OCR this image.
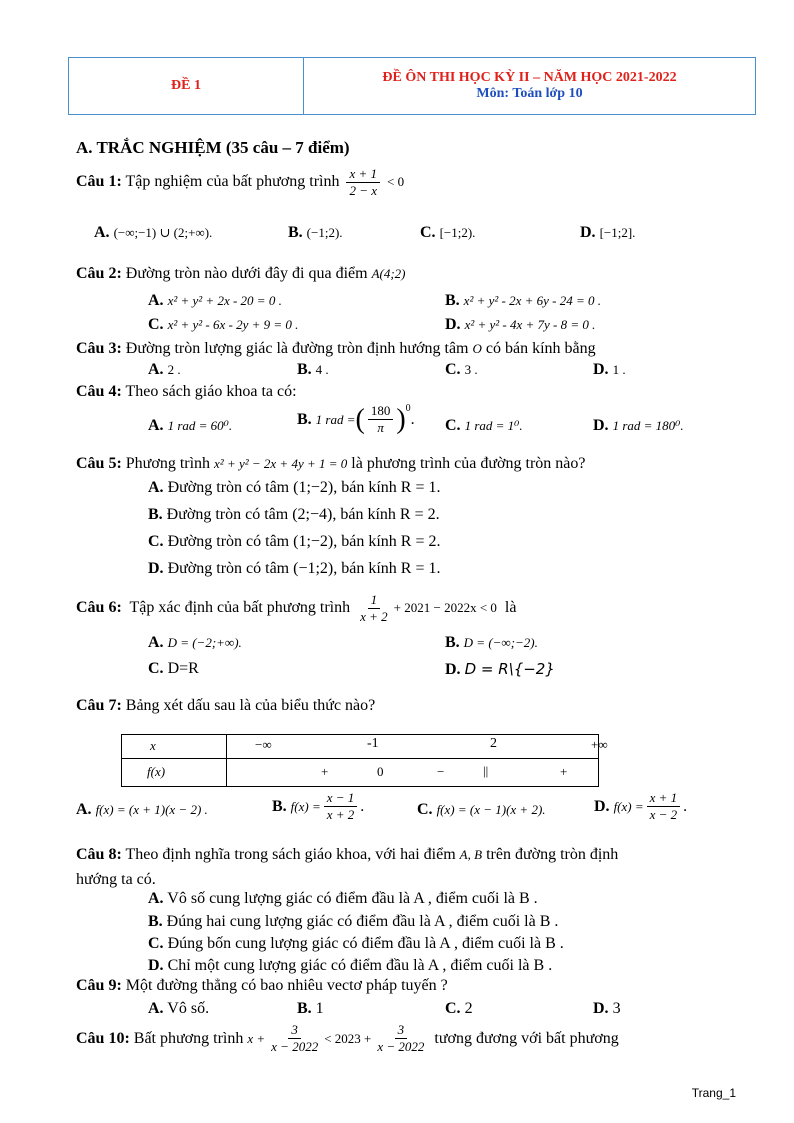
ĐỀ 1
ĐỀ ÔN THI HỌC KỲ II – NĂM HỌC 2021-2022
Môn: Toán lớp 10
A. TRẮC NGHIỆM (35 câu – 7 điểm)
Câu 1: Tập nghiệm của bất phương trình $\frac{x + 1}{2 - x} < 0$
A. (−∞;−1) ∪ (2;+∞).	B. (−1;2).	C. [−1;2).	D. [−1;2].
Câu 2: Đường tròn nào dưới đây đi qua điểm A(4;2)
A. x² + y² + 2x - 20 = 0 .	B. x² + y² - 2x + 6y - 24 = 0 .
C. x² + y² - 6x - 2y + 9 = 0 .	D. x² + y² - 4x + 7y - 8 = 0 .
Câu 3: Đường tròn lượng giác là đường tròn định hướng tâm O có bán kính bằng
A. 2 .	B. 4 .	C. 3 .	D. 1 .
Câu 4: Theo sách giáo khoa ta có:
A. 1 rad = 60⁰.	B.
1 rad = ( $\frac{180}{\pi} )^0$
. C. 1 rad = 1⁰.	D. 1 rad = 180⁰.
Câu 5: Phương trình x² + y² − 2x + 4y + 1 = 0 là phương trình của đường tròn nào?
A. Đường tròn có tâm (1;−2), bán kính R = 1.
B. Đường tròn có tâm (2;−4), bán kính R = 2.
C. Đường tròn có tâm (1;−2), bán kính R = 2.
D. Đường tròn có tâm (−1;2), bán kính R = 1.
Câu 6: Tập xác định của bất phương trình $\frac{1}{x + 2} + 2021 - 2022x < 0$ là
A. D = (−2;+∞).	B. D = (−∞;−2).
C. D=R	D. D = R\{−2}
Câu 7: Bảng xét dấu sau là của biểu thức nào?
x	−∞ -1 2 +∞

f(x)	+ 0 − || +
A. f(x) = (x + 1)(x − 2) .	B.
$f(x) = \frac{x - 1}{x + 2}$ .	C. f(x) = (x − 1)(x + 2).	D.
$f(x) = \frac{x + 1}{x - 2}$ .
Câu 8: Theo định nghĩa trong sách giáo khoa, với hai điểm A, B trên đường tròn định
hướng ta có.
A. Vô số cung lượng giác có điểm đầu là A , điểm cuối là B .
B. Đúng hai cung lượng giác có điểm đầu là A , điểm cuối là B .
C. Đúng bốn cung lượng giác có điểm đầu là A , điểm cuối là B .
D. Chỉ một cung lượng giác có điểm đầu là A , điểm cuối là B .
Câu 9: Một đường thẳng có bao nhiêu vectơ pháp tuyến ?
A. Vô số.	B. 1	C. 2	D. 3
Câu 10:
Bất phương trình
$x + \frac{3}{x - 2022} < 2023 + \frac{3}{x - 2022}$
tương đương với bất phương
Trang_1
